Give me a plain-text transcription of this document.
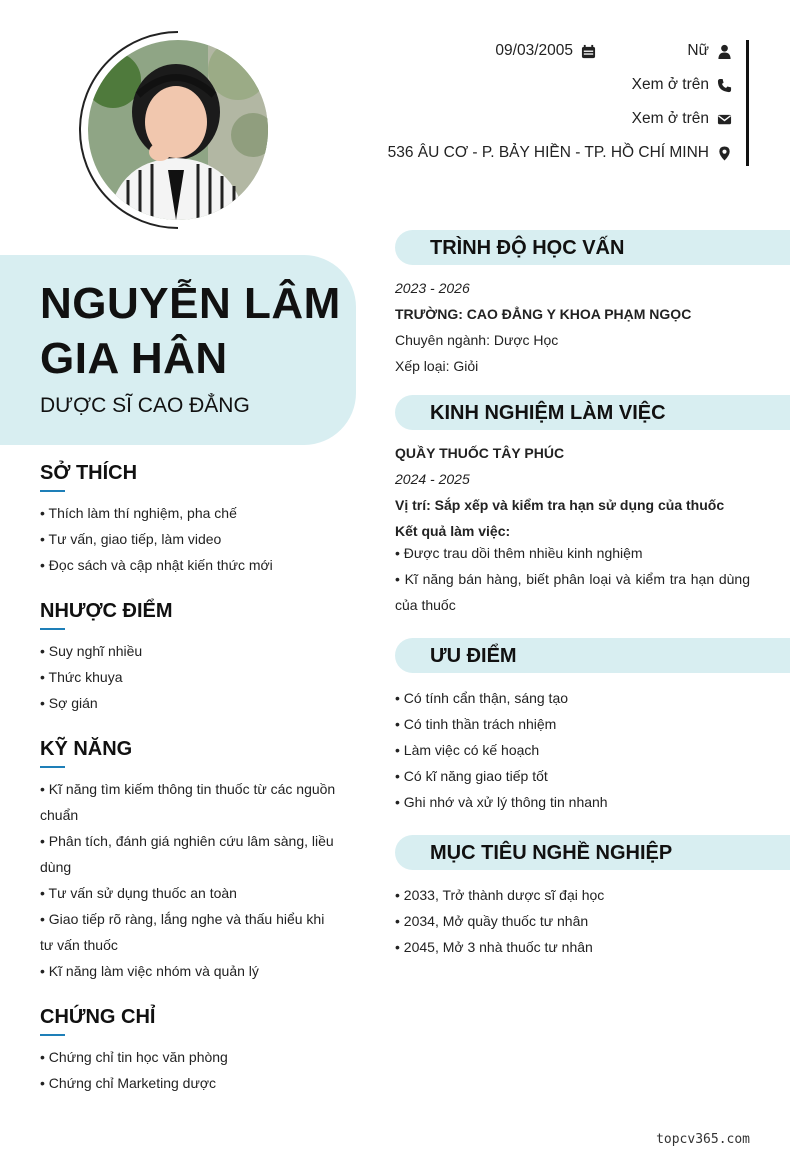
09/03/2005	Nữ
Xem ở trên
Xem ở trên
536 ÂU CƠ - P. BẢY HIỀN - TP. HỒ CHÍ MINH
NGUYỄN LÂM
GIA HÂN
DƯỢC SĨ CAO ĐẲNG
SỞ THÍCH
• Thích làm thí nghiệm, pha chế
• Tư vấn, giao tiếp, làm video
• Đọc sách và cập nhật kiến thức mới
NHƯỢC ĐIỂM
• Suy nghĩ nhiều
• Thức khuya
• Sợ gián
KỸ NĂNG
• Kĩ năng tìm kiếm thông tin thuốc từ các nguồn chuẩn
• Phân tích, đánh giá nghiên cứu lâm sàng, liều dùng
• Tư vấn sử dụng thuốc an toàn
• Giao tiếp rõ ràng, lắng nghe và thấu hiểu khi tư vấn thuốc
• Kĩ năng làm việc nhóm và quản lý
CHỨNG CHỈ
• Chứng chỉ tin học văn phòng
• Chứng chỉ Marketing dược
TRÌNH ĐỘ HỌC VẤN
2023 - 2026
TRƯỜNG: CAO ĐẲNG Y KHOA PHẠM NGỌC
Chuyên ngành: Dược Học
Xếp loại: Giỏi
KINH NGHIỆM LÀM VIỆC
QUẦY THUỐC TÂY PHÚC
2024 - 2025
Vị trí: Sắp xếp và kiểm tra hạn sử dụng của thuốc
Kết quả làm việc:
• Được trau dồi thêm nhiều kinh nghiệm
• Kĩ năng bán hàng, biết phân loại và kiểm tra hạn dùng của thuốc
ƯU ĐIỂM
• Có tính cẩn thận, sáng tạo
• Có tinh thần trách nhiệm
• Làm việc có kế hoạch
• Có kĩ năng giao tiếp tốt
• Ghi nhớ và xử lý thông tin nhanh
MỤC TIÊU NGHỀ NGHIỆP
• 2033, Trở thành dược sĩ đại học
• 2034, Mở quầy thuốc tư nhân
• 2045, Mở 3 nhà thuốc tư nhân
topcv365.com
